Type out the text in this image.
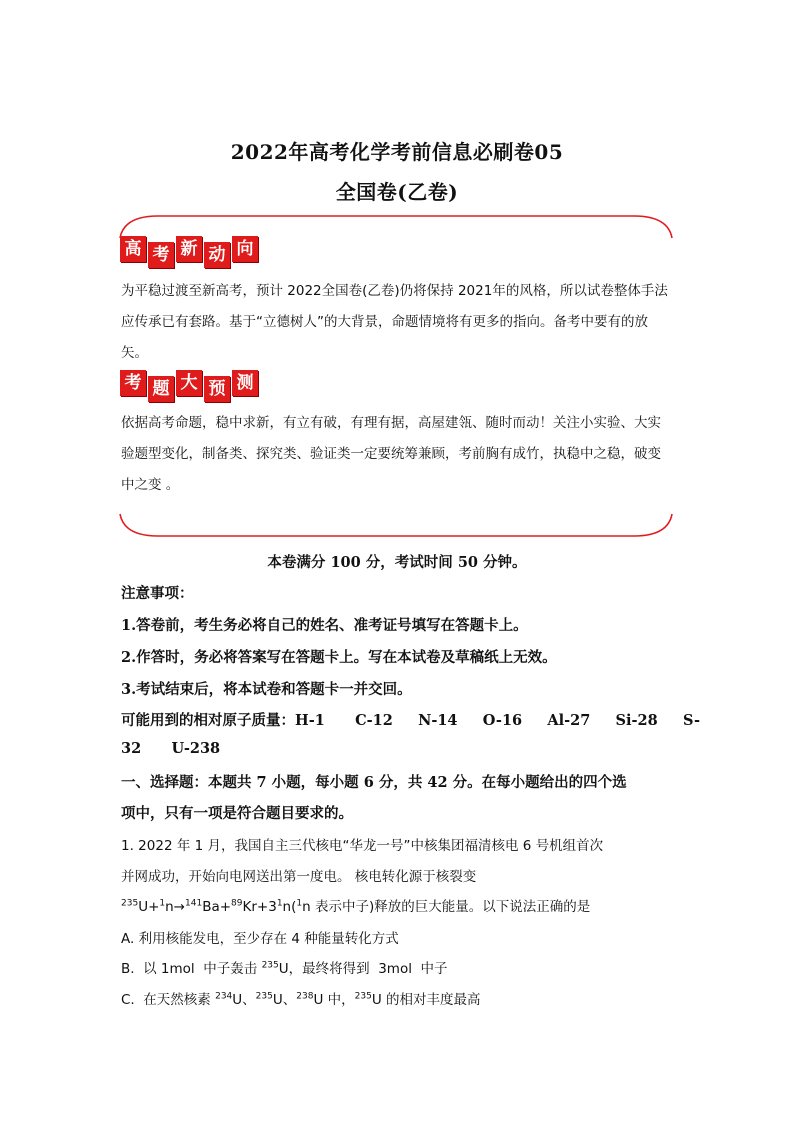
2022年高考化学考前信息必刷卷05
全国卷(乙卷)
高 考 新 动 向
为平稳过渡至新高考，预计 2022全国卷(乙卷)仍将保持 2021年的风格，所以试卷整体手法应传承已有套路。基于“立德树人”的大背景，命题情境将有更多的指向。备考中要有的放矢。
考 题 大 预 测
依据高考命题，稳中求新，有立有破，有理有据，高屋建瓴、随时而动！关注小实验、大实验题型变化，制备类、探究类、验证类一定要统筹兼顾，考前胸有成竹，执稳中之稳，破变中之变 。
本卷满分 100 分，考试时间 50 分钟。
注意事项：
1.答卷前，考生务必将自己的姓名、准考证号填写在答题卡上。
2.作答时，务必将答案写在答题卡上。写在本试卷及草稿纸上无效。
3.考试结束后，将本试卷和答题卡一并交回。
可能用到的相对原子质量：H-1      C-12     N-14     O-16     Al-27     Si-28     S-
32      U-238
一、选择题：本题共 7 小题，每小题 6 分，共 42 分。在每小题给出的四个选
项中，只有一项是符合题目要求的。
1. 2022 年 1 月，我国自主三代核电“华龙一号”中核集团福清核电 6 号机组首次
并网成功，开始向电网送出第一度电。 核电转化源于核裂变
$^{235}U+^1n\to^{141}Ba+^{89}Kr+3^1n(^1n$ 表示中子)释放的巨大能量。以下说法正确的是
A. 利用核能发电，至少存在 4 种能量转化方式
B.  以 1mol  中子轰击 $^{235}$U，最终将得到  3mol  中子
C.  在天然核素 $^{234}$U、$^{235}$U、$^{238}$U 中，$^{235}$U 的相对丰度最高
